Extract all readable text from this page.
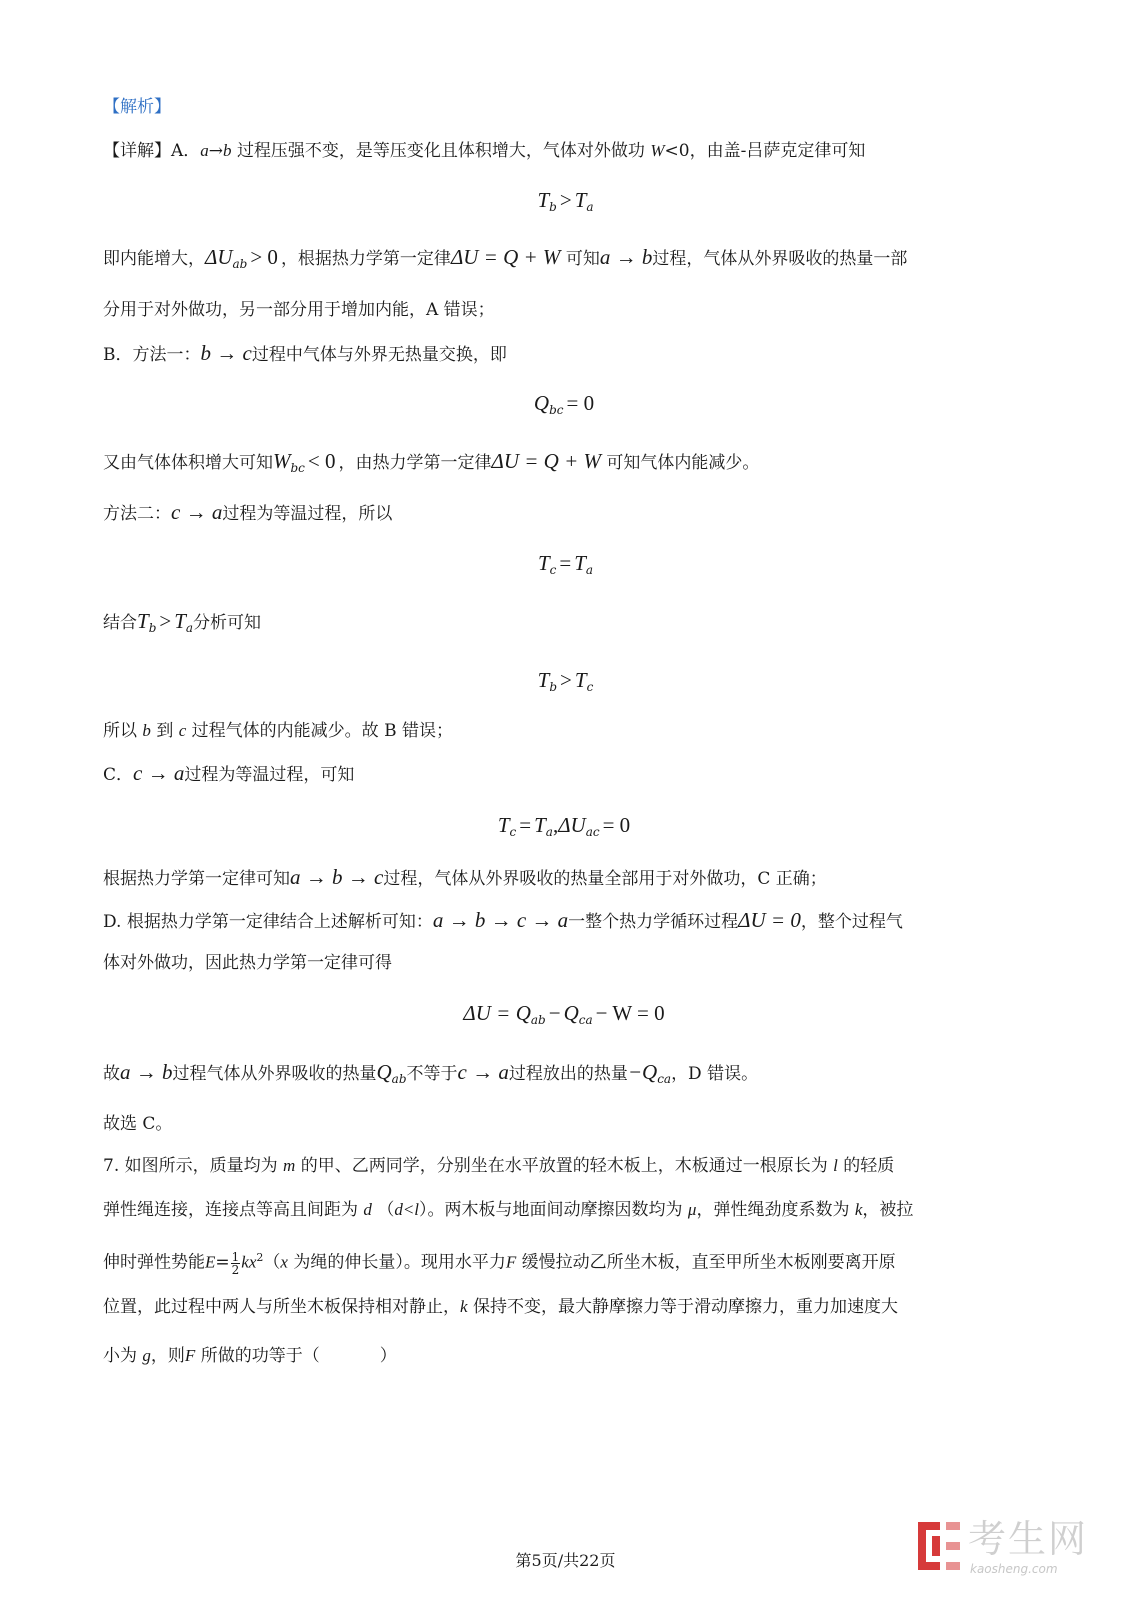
【解析】
【详解】A．a→b 过程压强不变，是等压变化且体积增大，气体对外做功 W<0，由盖-吕萨克定律可知
$T_b > T_a$
即内能增大，$\Delta U_{ab} > 0$ ，根据热力学第一定律ΔU = Q + W 可知a → b过程，气体从外界吸收的热量一部
分用于对外做功，另一部分用于增加内能，A 错误；
B．方法一：b → c过程中气体与外界无热量交换，即
$Q_{bc} = 0$
又由气体体积增大可知$W_{bc} < 0$ ，由热力学第一定律ΔU = Q + W 可知气体内能减少。
方法二：c → a过程为等温过程，所以
$T_c = T_a$
结合$T_b > T_a$分析可知
$T_b > T_c$
所以 b 到 c 过程气体的内能减少。故 B 错误；
C．c → a过程为等温过程，可知
$T_c = T_a,\Delta U_{ac} = 0$
根据热力学第一定律可知a → b → c过程，气体从外界吸收的热量全部用于对外做功，C 正确；
D. 根据热力学第一定律结合上述解析可知：a → b → c → a一整个热力学循环过程ΔU = 0，整个过程气
体对外做功，因此热力学第一定律可得
$\Delta U = Q_{ab} - Q_{ca} - W = 0$
故a → b过程气体从外界吸收的热量$Q_{ab}$不等于c → a过程放出的热量$-Q_{ca}$，D 错误。
故选 C。
7. 如图所示，质量均为 m 的甲、乙两同学，分别坐在水平放置的轻木板上，木板通过一根原长为 l 的轻质
弹性绳连接，连接点等高且间距为 d （d<l）。两木板与地面间动摩擦因数均为 μ，弹性绳劲度系数为 k，被拉
伸时弹性势能$E= \frac{1}{2} kx^2(x$ 为绳的伸长量）。现用水平力F 缓慢拉动乙所坐木板，直至甲所坐木板刚要离开原
位置，此过程中两人与所坐木板保持相对静止，k 保持不变，最大静摩擦力等于滑动摩擦力，重力加速度大
小为 g，则F 所做的功等于（	）
第5页/共22页	考生网
kaosheng.com
